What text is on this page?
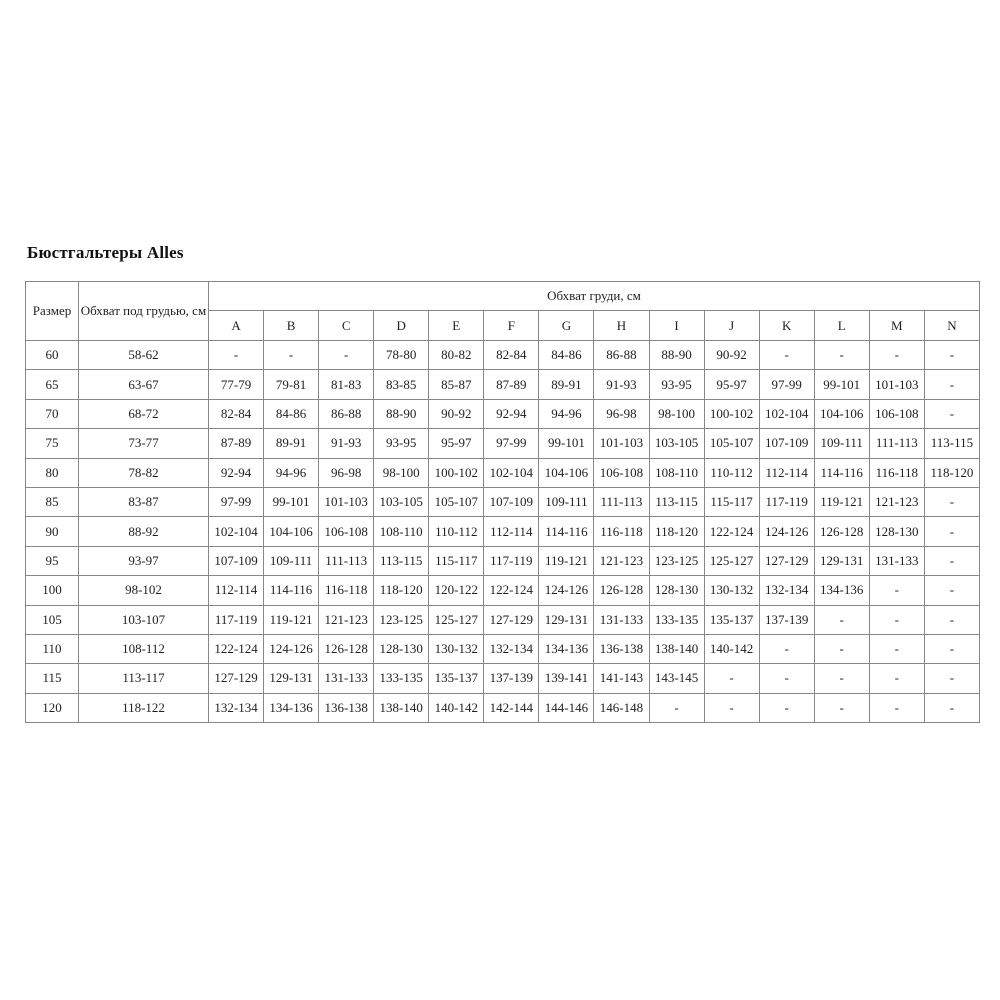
Бюстгальтеры Alles
Размер	Обхват под грудью, см	Обхват груди, см													
		A	B	C	D	E	F	G	H	I	J	K	L	M	N
60	58-62	-	-	-	78-80	80-82	82-84	84-86	86-88	88-90	90-92	-	-	-	-
65	63-67	77-79	79-81	81-83	83-85	85-87	87-89	89-91	91-93	93-95	95-97	97-99	99-101	101-103	-
70	68-72	82-84	84-86	86-88	88-90	90-92	92-94	94-96	96-98	98-100	100-102	102-104	104-106	106-108	-
75	73-77	87-89	89-91	91-93	93-95	95-97	97-99	99-101	101-103	103-105	105-107	107-109	109-111	111-113	113-115
80	78-82	92-94	94-96	96-98	98-100	100-102	102-104	104-106	106-108	108-110	110-112	112-114	114-116	116-118	118-120
85	83-87	97-99	99-101	101-103	103-105	105-107	107-109	109-111	111-113	113-115	115-117	117-119	119-121	121-123	-
90	88-92	102-104	104-106	106-108	108-110	110-112	112-114	114-116	116-118	118-120	122-124	124-126	126-128	128-130	-
95	93-97	107-109	109-111	111-113	113-115	115-117	117-119	119-121	121-123	123-125	125-127	127-129	129-131	131-133	-
100	98-102	112-114	114-116	116-118	118-120	120-122	122-124	124-126	126-128	128-130	130-132	132-134	134-136	-	-
105	103-107	117-119	119-121	121-123	123-125	125-127	127-129	129-131	131-133	133-135	135-137	137-139	-	-	-
110	108-112	122-124	124-126	126-128	128-130	130-132	132-134	134-136	136-138	138-140	140-142	-	-	-	-
115	113-117	127-129	129-131	131-133	133-135	135-137	137-139	139-141	141-143	143-145	-	-	-	-	-
120	118-122	132-134	134-136	136-138	138-140	140-142	142-144	144-146	146-148	-	-	-	-	-	-
